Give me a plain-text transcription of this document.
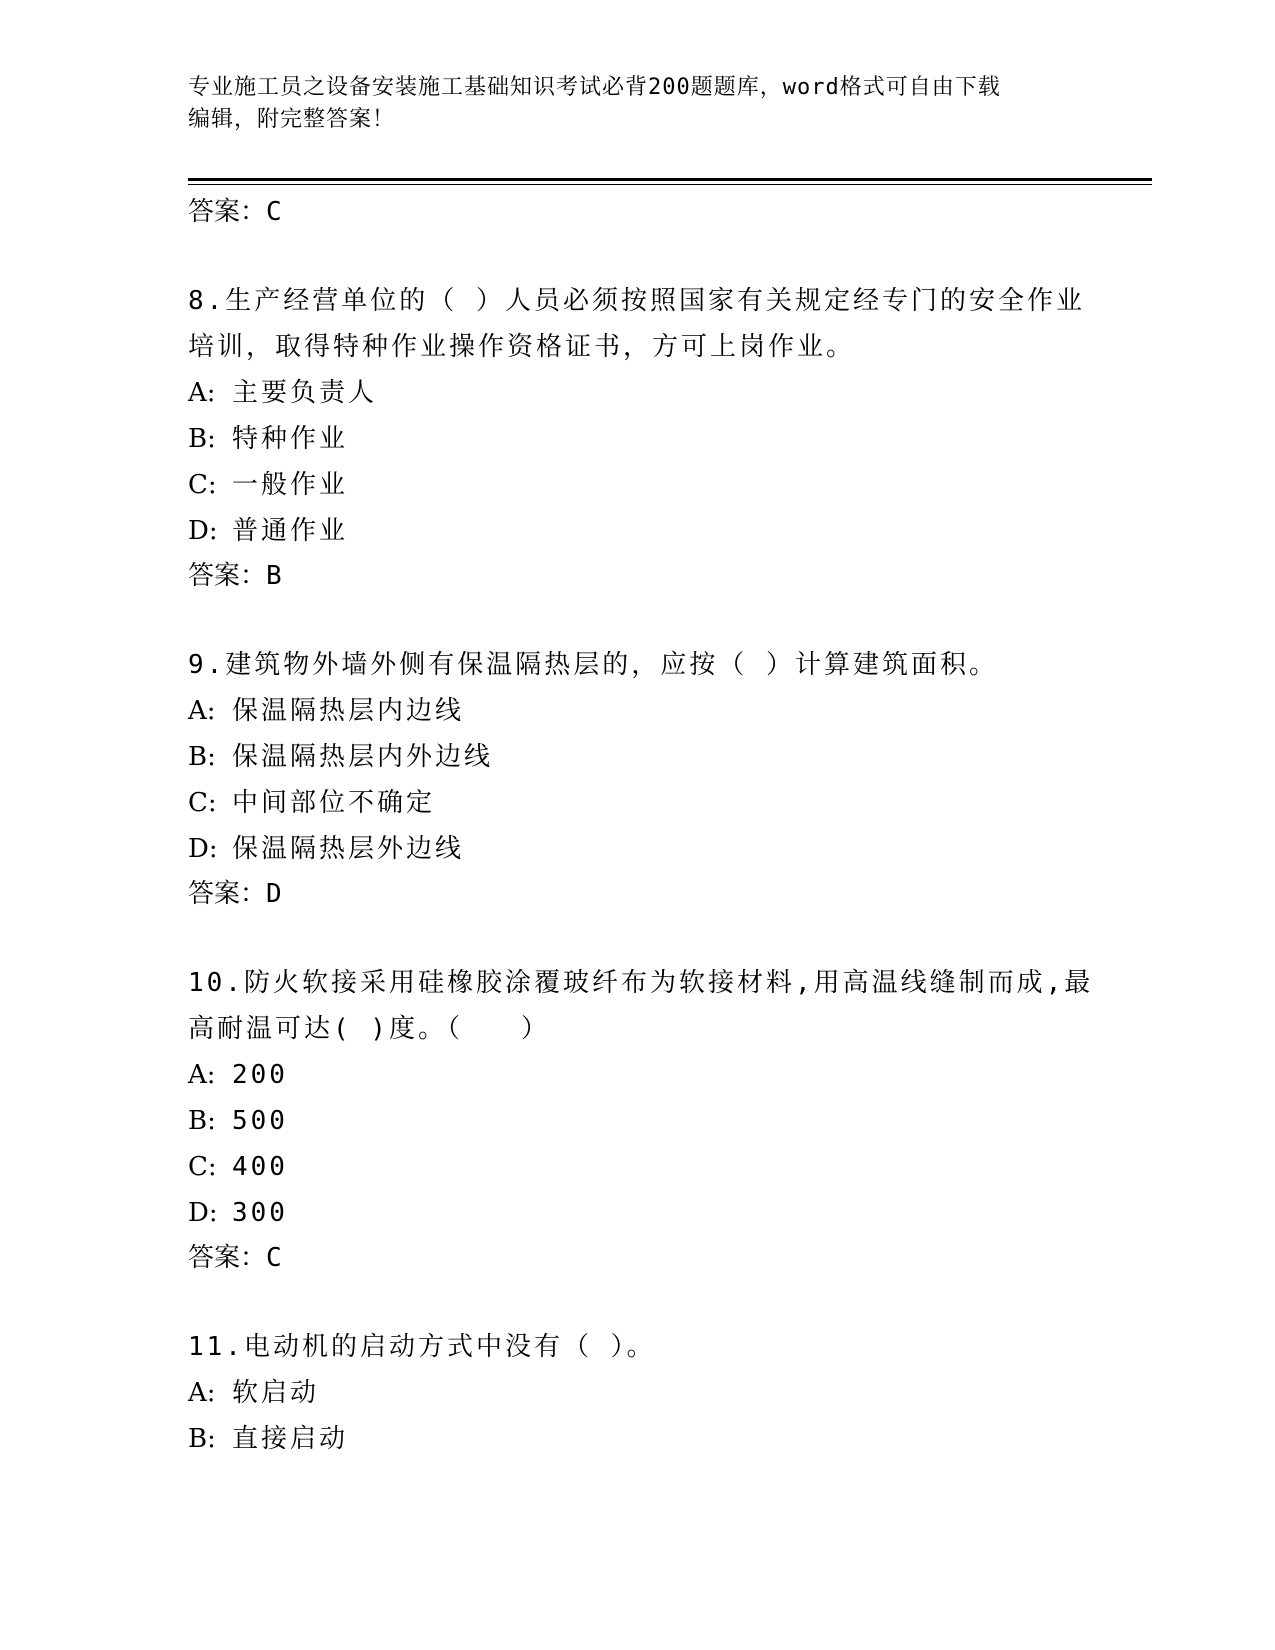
专业施工员之设备安装施工基础知识考试必背200题题库，word格式可自由下载
编辑，附完整答案！
答案：C
8.生产经营单位的（ ）人员必须按照国家有关规定经专门的安全作业
培训，取得特种作业操作资格证书，方可上岗作业。
A: 主要负责人
B: 特种作业
C: 一般作业
D: 普通作业
答案：B
9.建筑物外墙外侧有保温隔热层的，应按（ ）计算建筑面积。
A: 保温隔热层内边线
B: 保温隔热层内外边线
C: 中间部位不确定
D: 保温隔热层外边线
答案：D
10.防火软接采用硅橡胶涂覆玻纤布为软接材料,用高温线缝制而成,最
高耐温可达( )度。（　　）
A: 200
B: 500
C: 400
D: 300
答案：C
11.电动机的启动方式中没有（ ）。
A: 软启动
B: 直接启动
